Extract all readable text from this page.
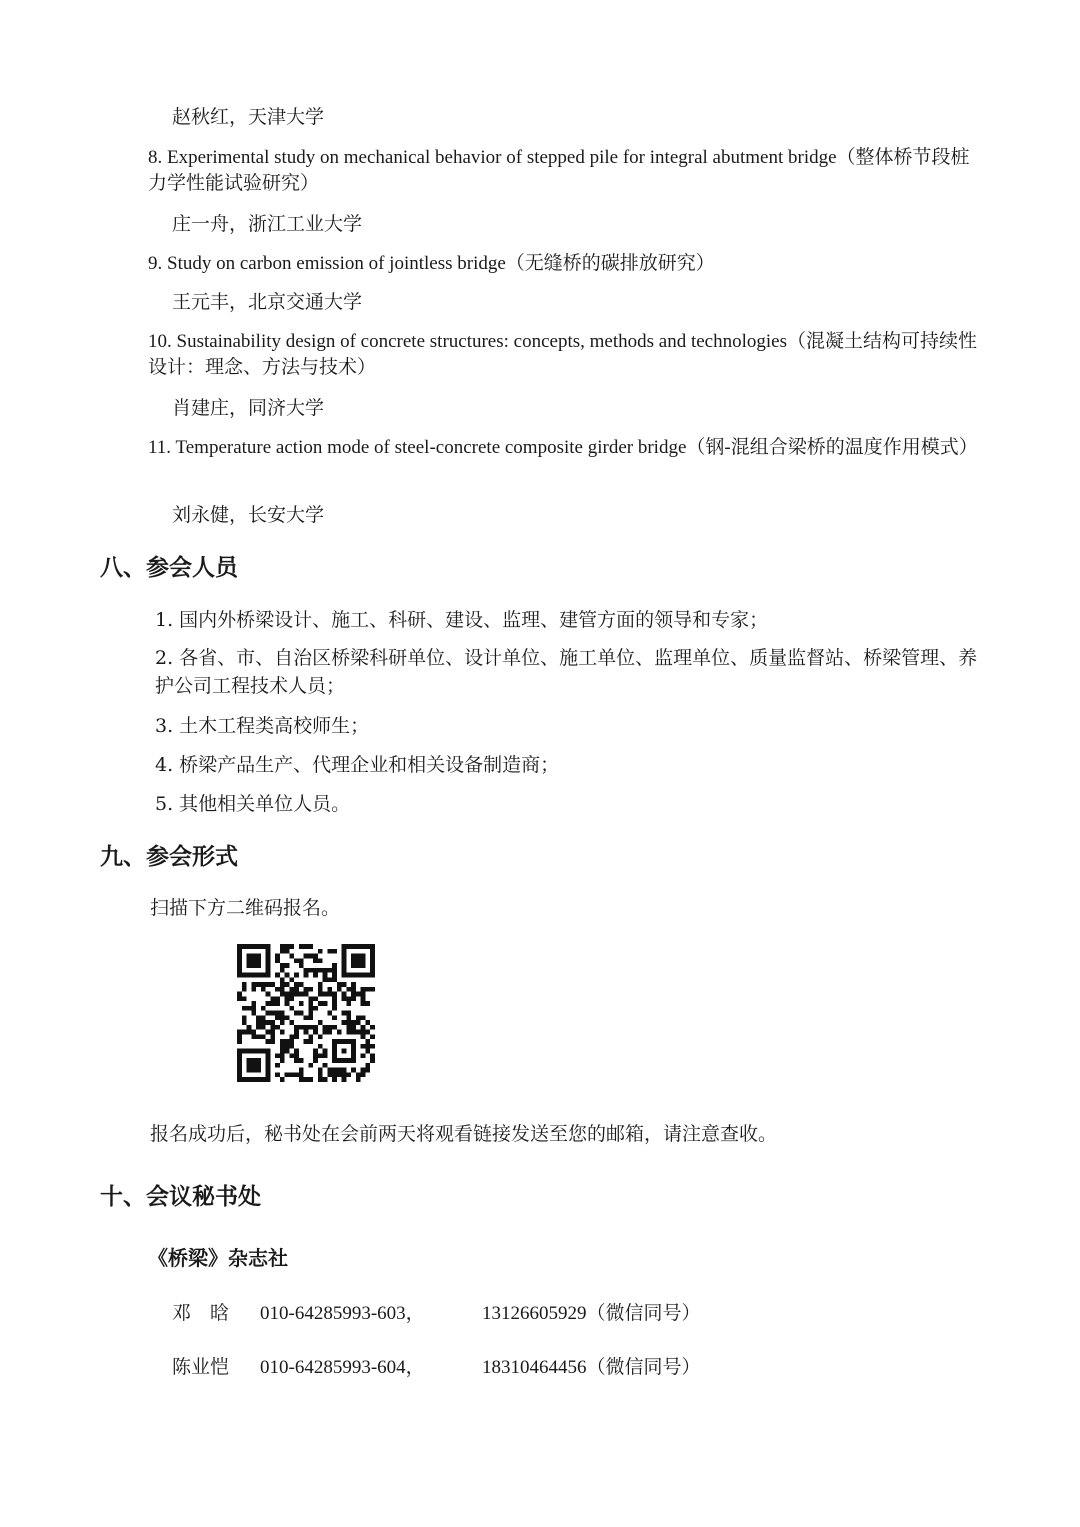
赵秋红，天津大学
8. Experimental study on mechanical behavior of stepped pile for integral abutment bridge（整体桥节段桩力学性能试验研究）
庄一舟，浙江工业大学
9. Study on carbon emission of jointless bridge（无缝桥的碳排放研究）
王元丰，北京交通大学
10. Sustainability design of concrete structures: concepts, methods and technologies（混凝土结构可持续性设计：理念、方法与技术）
肖建庄，同济大学
11. Temperature action mode of steel-concrete composite girder bridge（钢-混组合梁桥的温度作用模式）
刘永健，长安大学
八、参会人员
1. 国内外桥梁设计、施工、科研、建设、监理、建管方面的领导和专家；
2. 各省、市、自治区桥梁科研单位、设计单位、施工单位、监理单位、质量监督站、桥梁管理、养护公司工程技术人员；
3. 土木工程类高校师生；
4. 桥梁产品生产、代理企业和相关设备制造商；
5. 其他相关单位人员。
九、参会形式
扫描下方二维码报名。
报名成功后，秘书处在会前两天将观看链接发送至您的邮箱，请注意查收。
十、会议秘书处
《桥梁》杂志社
邓　晗 010-64285993-603，	13126605929（微信同号）
陈业恺 010-64285993-604，	18310464456（微信同号）
